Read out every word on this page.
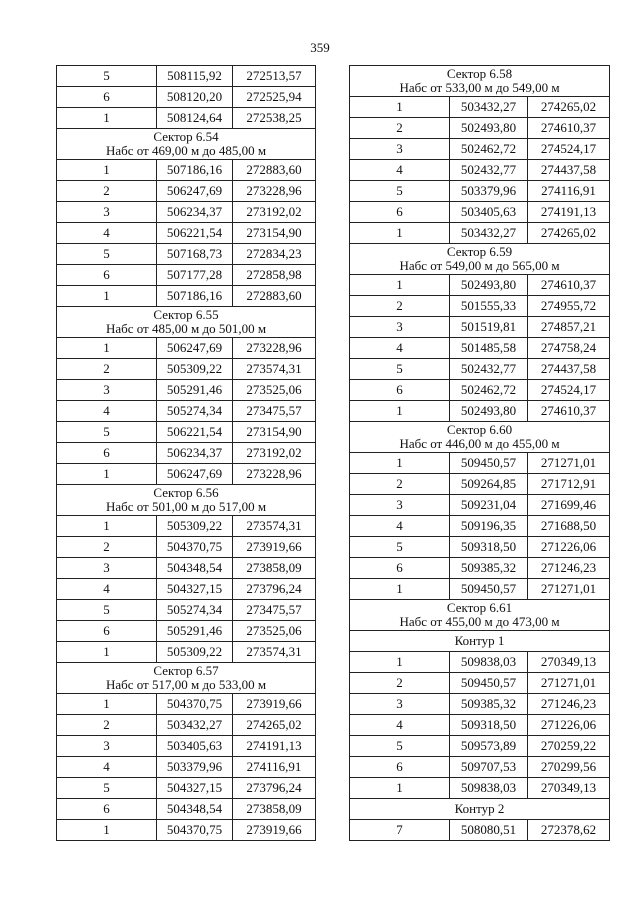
359
5	508115,92	272513,57
6	508120,20	272525,94
1	508124,64	272538,25

Сектор 6.54
Набс от 469,00 м до 485,00 м		

1	507186,16	272883,60
2	506247,69	273228,96
3	506234,37	273192,02
4	506221,54	273154,90
5	507168,73	272834,23
6	507177,28	272858,98
1	507186,16	272883,60

Сектор 6.55
Набс от 485,00 м до 501,00 м		

1	506247,69	273228,96
2	505309,22	273574,31
3	505291,46	273525,06
4	505274,34	273475,57
5	506221,54	273154,90
6	506234,37	273192,02
1	506247,69	273228,96

Сектор 6.56
Набс от 501,00 м до 517,00 м		

1	505309,22	273574,31
2	504370,75	273919,66
3	504348,54	273858,09
4	504327,15	273796,24
5	505274,34	273475,57
6	505291,46	273525,06
1	505309,22	273574,31

Сектор 6.57
Набс от 517,00 м до 533,00 м		

1	504370,75	273919,66
2	503432,27	274265,02
3	503405,63	274191,13
4	503379,96	274116,91
5	504327,15	273796,24
6	504348,54	273858,09
1	504370,75	273919,66
Сектор 6.58
Набс от 533,00 м до 549,00 м		

1	503432,27	274265,02
2	502493,80	274610,37
3	502462,72	274524,17
4	502432,77	274437,58
5	503379,96	274116,91
6	503405,63	274191,13
1	503432,27	274265,02

Сектор 6.59
Набс от 549,00 м до 565,00 м		

1	502493,80	274610,37
2	501555,33	274955,72
3	501519,81	274857,21
4	501485,58	274758,24
5	502432,77	274437,58
6	502462,72	274524,17
1	502493,80	274610,37

Сектор 6.60
Набс от 446,00 м до 455,00 м		

1	509450,57	271271,01
2	509264,85	271712,91
3	509231,04	271699,46
4	509196,35	271688,50
5	509318,50	271226,06
6	509385,32	271246,23
1	509450,57	271271,01

Сектор 6.61
Набс от 455,00 м до 473,00 м		

Контур 1		
1	509838,03	270349,13
2	509450,57	271271,01
3	509385,32	271246,23
4	509318,50	271226,06
5	509573,89	270259,22
6	509707,53	270299,56
1	509838,03	270349,13
Контур 2		
7	508080,51	272378,62
